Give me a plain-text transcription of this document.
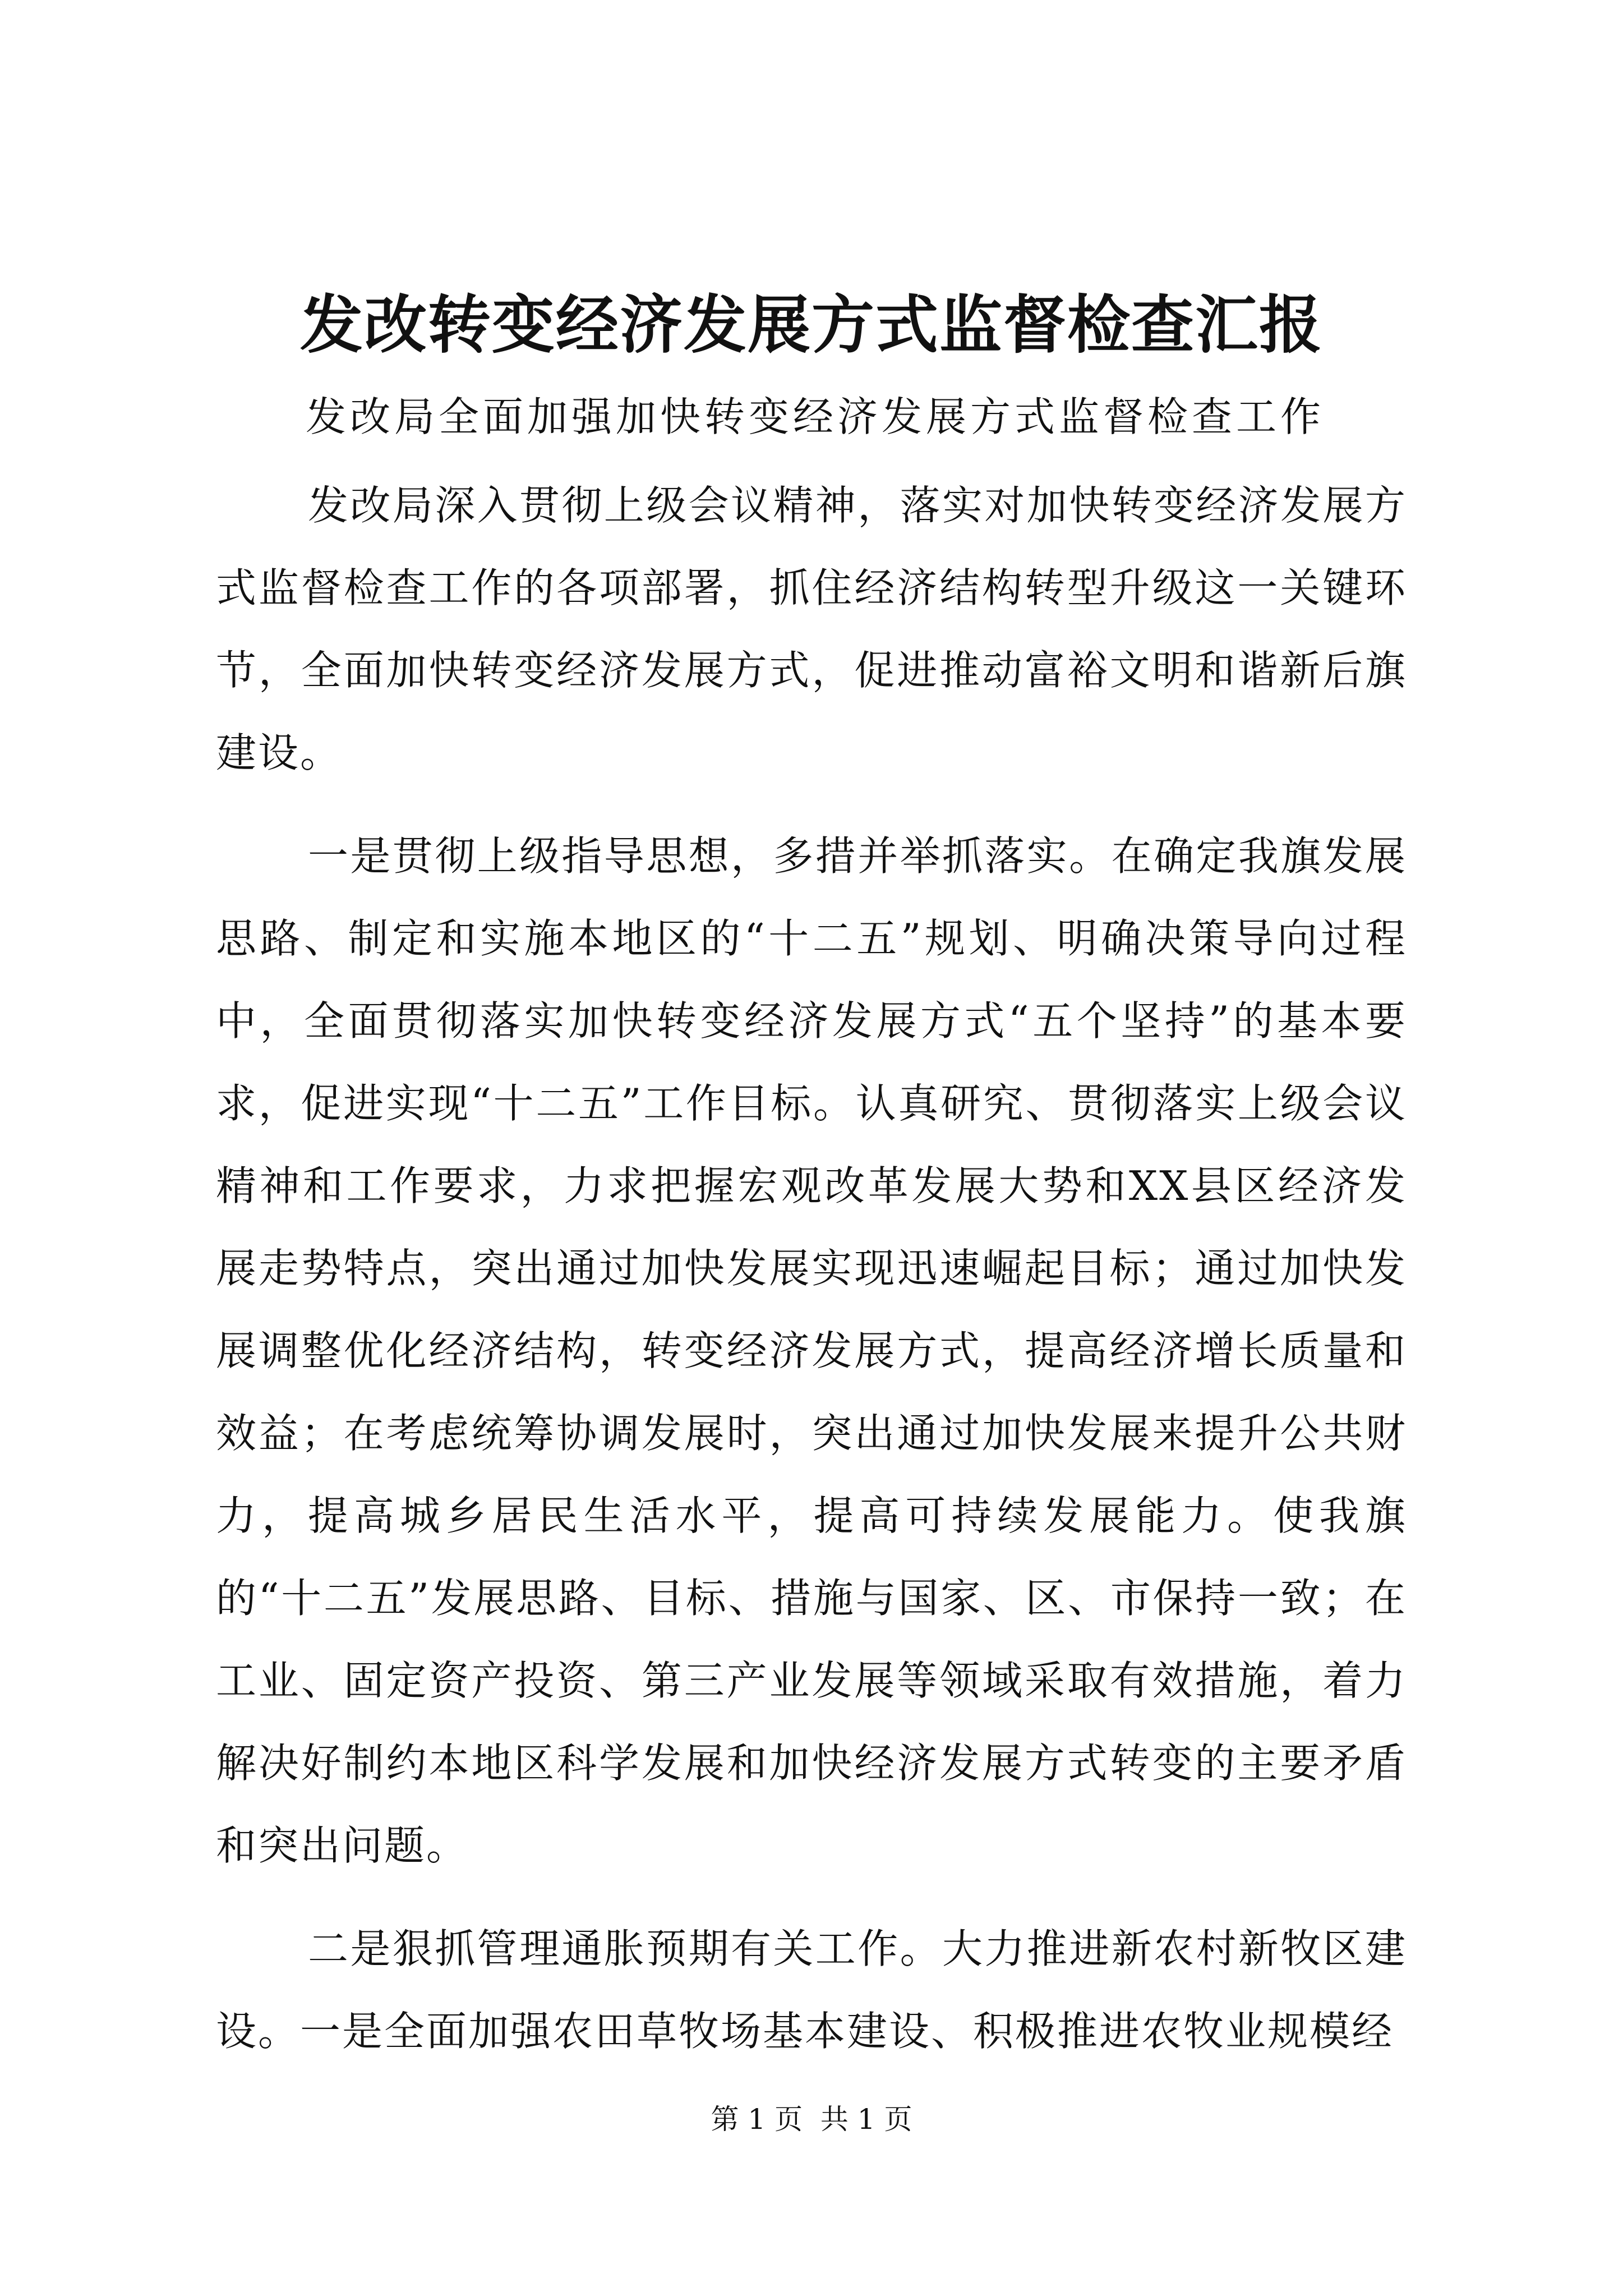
发改转变经济发展方式监督检查汇报

发改局全面加强加快转变经济发展方式监督检查工作

发改局深入贯彻上级会议精神，落实对加快转变经济发展方式监督检查工作的各项部署，抓住经济结构转型升级这一关键环节，全面加快转变经济发展方式，促进推动富裕文明和谐新后旗建设。

一是贯彻上级指导思想，多措并举抓落实。在确定我旗发展思路、制定和实施本地区的“十二五”规划、明确决策导向过程中，全面贯彻落实加快转变经济发展方式“五个坚持”的基本要求，促进实现“十二五”工作目标。认真研究、贯彻落实上级会议精神和工作要求，力求把握宏观改革发展大势和XX县区经济发展走势特点，突出通过加快发展实现迅速崛起目标；通过加快发展调整优化经济结构，转变经济发展方式，提高经济增长质量和效益；在考虑统筹协调发展时，突出通过加快发展来提升公共财力，提高城乡居民生活水平，提高可持续发展能力。使我旗的“十二五”发展思路、目标、措施与国家、区、市保持一致；在工业、固定资产投资、第三产业发展等领域采取有效措施，着力解决好制约本地区科学发展和加快经济发展方式转变的主要矛盾和突出问题。

二是狠抓管理通胀预期有关工作。大力推进新农村新牧区建设。一是全面加强农田草牧场基本建设、积极推进农牧业规模经

第 1 页  共 1 页
